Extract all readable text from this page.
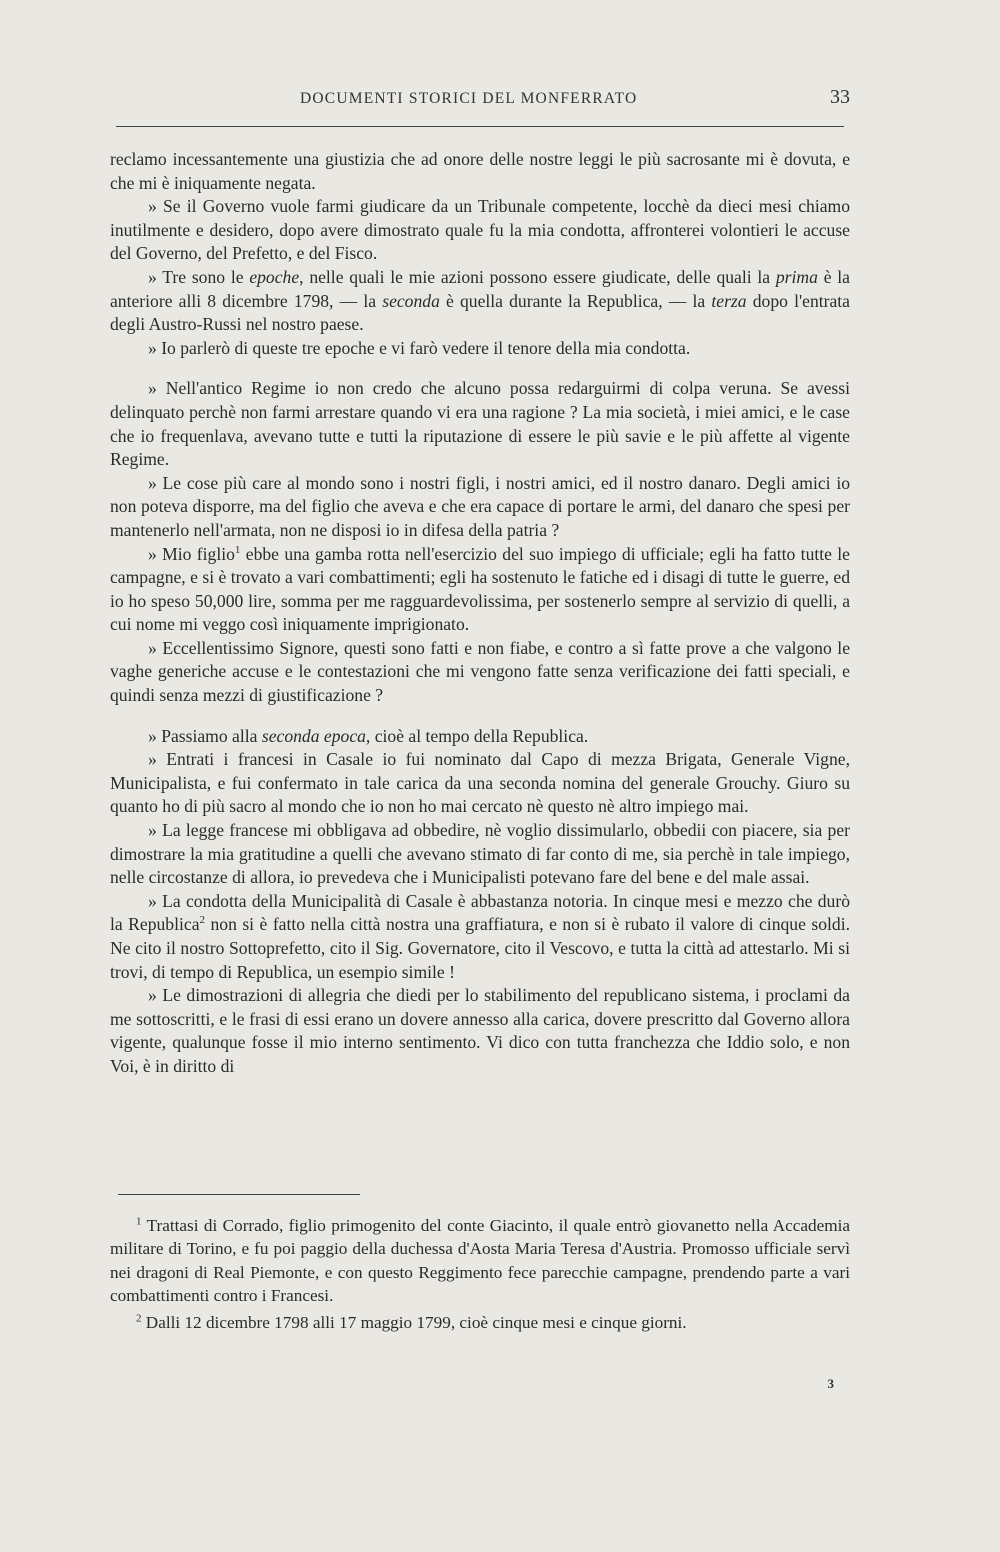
DOCUMENTI STORICI DEL MONFERRATO	33

reclamo incessantemente una giustizia che ad onore delle nostre leggi le più sacrosante mi è dovuta, e che mi è iniquamente negata.

» Se il Governo vuole farmi giudicare da un Tribunale competente, locchè da dieci mesi chiamo inutilmente e desidero, dopo avere dimostrato quale fu la mia condotta, affronterei volontieri le accuse del Governo, del Prefetto, e del Fisco.

» Tre sono le epoche, nelle quali le mie azioni possono essere giudicate, delle quali la prima è la anteriore alli 8 dicembre 1798, — la seconda è quella durante la Republica, — la terza dopo l'entrata degli Austro-Russi nel nostro paese.

» Io parlerò di queste tre epoche e vi farò vedere il tenore della mia condotta.

» Nell'antico Regime io non credo che alcuno possa redarguirmi di colpa veruna. Se avessi delinquato perchè non farmi arrestare quando vi era una ragione ? La mia società, i miei amici, e le case che io frequenlava, avevano tutte e tutti la riputazione di essere le più savie e le più affette al vigente Regime.

» Le cose più care al mondo sono i nostri figli, i nostri amici, ed il nostro danaro. Degli amici io non poteva disporre, ma del figlio che aveva e che era capace di portare le armi, del danaro che spesi per mantenerlo nell'armata, non ne disposi io in difesa della patria ?

» Mio figlio$^1$ ebbe una gamba rotta nell'esercizio del suo impiego di ufficiale; egli ha fatto tutte le campagne, e si è trovato a vari combattimenti; egli ha sostenuto le fatiche ed i disagi di tutte le guerre, ed io ho speso 50,000 lire, somma per me ragguardevolissima, per sostenerlo sempre al servizio di quelli, a cui nome mi veggo così iniquamente imprigionato.

» Eccellentissimo Signore, questi sono fatti e non fiabe, e contro a sì fatte prove a che valgono le vaghe generiche accuse e le contestazioni che mi vengono fatte senza verificazione dei fatti speciali, e quindi senza mezzi di giustificazione ?

» Passiamo alla seconda epoca, cioè al tempo della Republica.

» Entrati i francesi in Casale io fui nominato dal Capo di mezza Brigata, Generale Vigne, Municipalista, e fui confermato in tale carica da una seconda nomina del generale Grouchy. Giuro su quanto ho di più sacro al mondo che io non ho mai cercato nè questo nè altro impiego mai.

» La legge francese mi obbligava ad obbedire, nè voglio dissimularlo, obbedii con piacere, sia per dimostrare la mia gratitudine a quelli che avevano stimato di far conto di me, sia perchè in tale impiego, nelle circostanze di allora, io prevedeva che i Municipalisti potevano fare del bene e del male assai.

» La condotta della Municipalità di Casale è abbastanza notoria. In cinque mesi e mezzo che durò la Republica$^2$ non si è fatto nella città nostra una graffiatura, e non si è rubato il valore di cinque soldi. Ne cito il nostro Sottoprefetto, cito il Sig. Governatore, cito il Vescovo, e tutta la città ad attestarlo. Mi si trovi, di tempo di Republica, un esempio simile !

» Le dimostrazioni di allegria che diedi per lo stabilimento del republicano sistema, i proclami da me sottoscritti, e le frasi di essi erano un dovere annesso alla carica, dovere prescritto dal Governo allora vigente, qualunque fosse il mio interno sentimento. Vi dico con tutta franchezza che Iddio solo, e non Voi, è in diritto di

$^1$ Trattasi di Corrado, figlio primogenito del conte Giacinto, il quale entrò giovanetto nella Accademia militare di Torino, e fu poi paggio della duchessa d'Aosta Maria Teresa d'Austria. Promosso ufficiale servì nei dragoni di Real Piemonte, e con questo Reggimento fece parecchie campagne, prendendo parte a vari combattimenti contro i Francesi.

$^2$ Dalli 12 dicembre 1798 alli 17 maggio 1799, cioè cinque mesi e cinque giorni.

3
